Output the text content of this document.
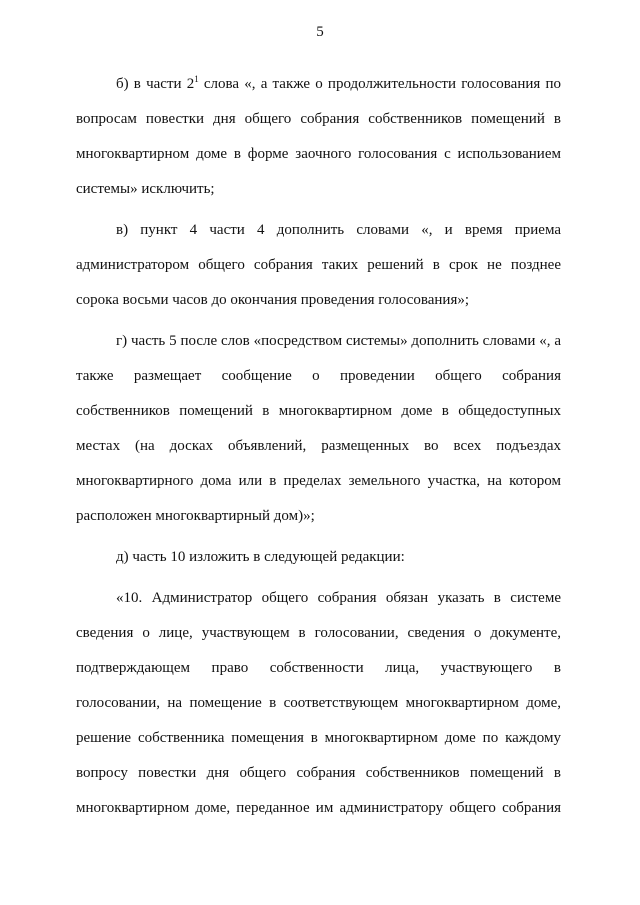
5
б) в части $2^1$ слова «, а также о продолжительности голосования по
вопросам повестки дня общего собрания собственников помещений в
многоквартирном доме в форме заочного голосования с использованием
системы» исключить;
в) пункт 4 части 4 дополнить словами «, и время приема
администратором общего собрания таких решений в срок не позднее
сорока восьми часов до окончания проведения голосования»;
г) часть 5 после слов «посредством системы» дополнить словами «, а
также размещает сообщение о проведении общего собрания
собственников помещений в многоквартирном доме в общедоступных
местах (на досках объявлений, размещенных во всех подъездах
многоквартирного дома или в пределах земельного участка, на котором
расположен многоквартирный дом)»;
д) часть 10 изложить в следующей редакции:
«10. Администратор общего собрания обязан указать в системе
сведения о лице, участвующем в голосовании, сведения о документе,
подтверждающем право собственности лица, участвующего в
голосовании, на помещение в соответствующем многоквартирном доме,
решение собственника помещения в многоквартирном доме по каждому
вопросу повестки дня общего собрания собственников помещений в
многоквартирном доме, переданное им администратору общего собрания
